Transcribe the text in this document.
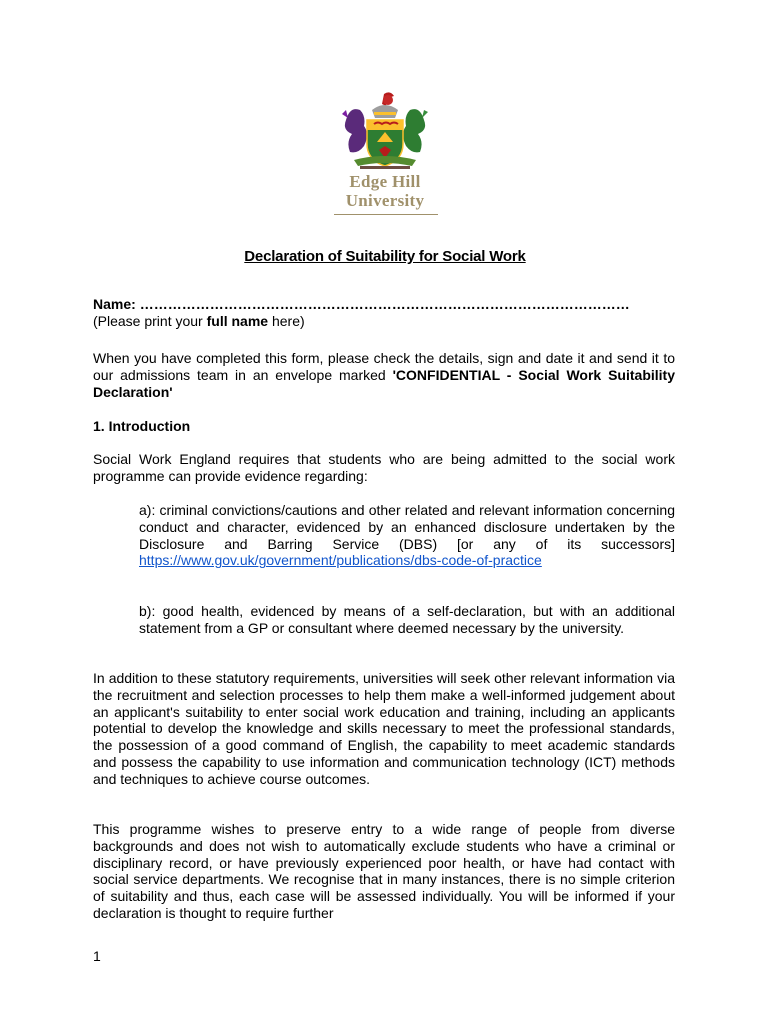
Edge Hill
University
Declaration of Suitability for Social Work
Name: ……………………………………………………………………………………………
(Please print your full name here)
When you have completed this form, please check the details, sign and date it and send it to our admissions team in an envelope marked 'CONFIDENTIAL - Social Work Suitability Declaration'
1. Introduction
Social Work England requires that students who are being admitted to the social work programme can provide evidence regarding:
a): criminal convictions/cautions and other related and relevant information concerning conduct and character, evidenced by an enhanced disclosure undertaken by the Disclosure and Barring Service (DBS) [or any of its successors] https://www.gov.uk/government/publications/dbs-code-of-practice
b): good health, evidenced by means of a self-declaration, but with an additional statement from a GP or consultant where deemed necessary by the university.
In addition to these statutory requirements, universities will seek other relevant information via the recruitment and selection processes to help them make a well-informed judgement about an applicant's suitability to enter social work education and training, including an applicants potential to develop the knowledge and skills necessary to meet the professional standards, the possession of a good command of English, the capability to meet academic standards and possess the capability to use information and communication technology (ICT) methods and techniques to achieve course outcomes.
This programme wishes to preserve entry to a wide range of people from diverse backgrounds and does not wish to automatically exclude students who have a criminal or disciplinary record, or have previously experienced poor health, or have had contact with social service departments. We recognise that in many instances, there is no simple criterion of suitability and thus, each case will be assessed individually. You will be informed if your declaration is thought to require further
1
